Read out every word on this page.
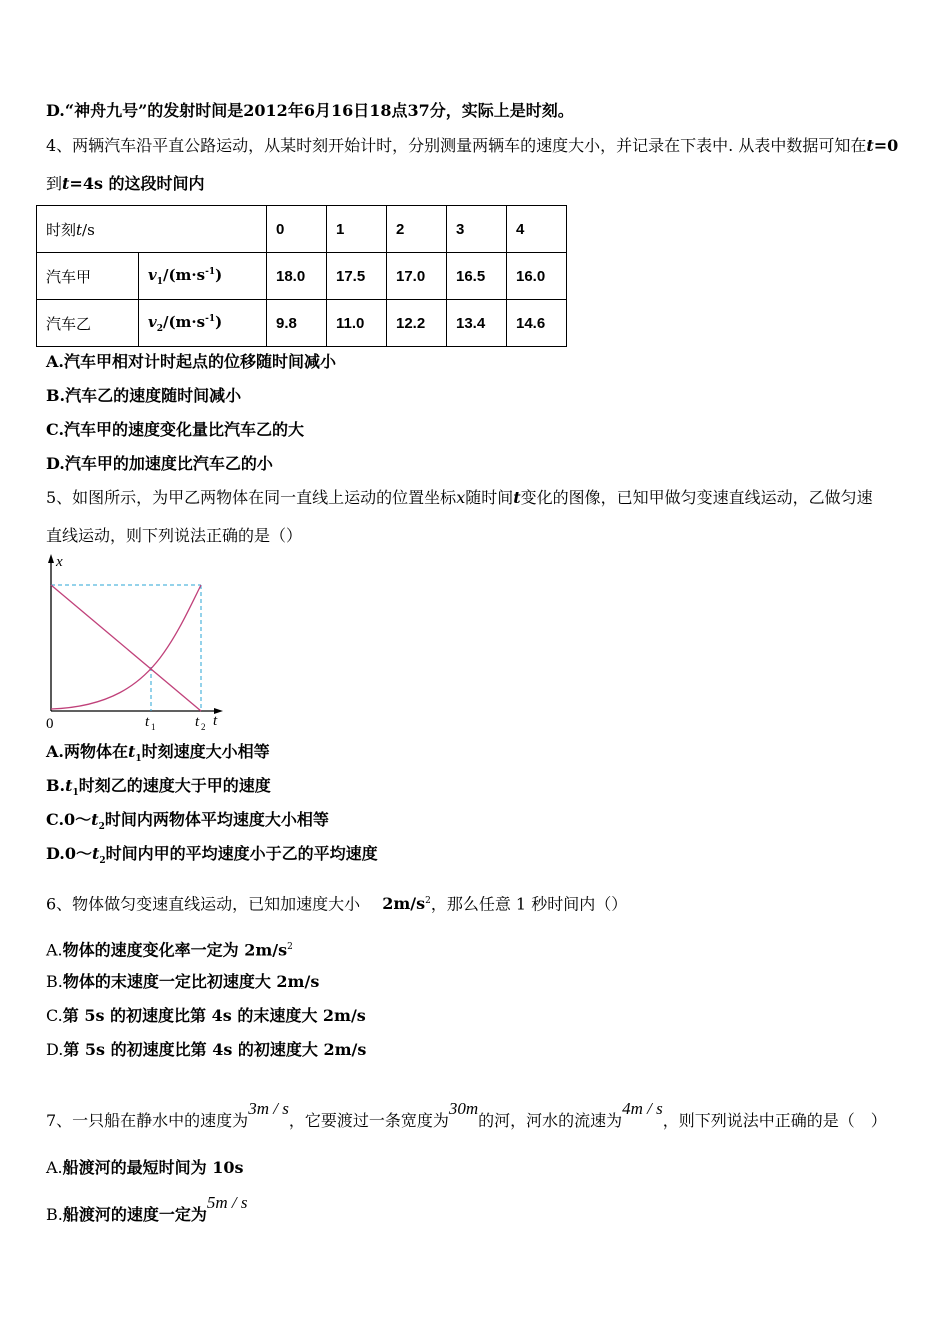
D.“神舟九号”的发射时间是2012年6月16日18点37分，实际上是时刻。
4、两辆汽车沿平直公路运动，从某时刻开始计时，分别测量两辆车的速度大小，并记录在下表中. 从表中数据可知在t=0
到t=4s 的这段时间内
时刻t/s		0	1	2	3	4
汽车甲	$v_1/(m\cdot s^{-1})$	18.0	17.5	17.0	16.5	16.0
汽车乙	$v_2/(m\cdot s^{-1})$	9.8	11.0	12.2	13.4	14.6
A.汽车甲相对计时起点的位移随时间减小
B.汽车乙的速度随时间减小
C.汽车甲的速度变化量比汽车乙的大
D.汽车甲的加速度比汽车乙的小
5、如图所示，为甲乙两物体在同一直线上运动的位置坐标x随时间t变化的图像，已知甲做匀变速直线运动，乙做匀速
直线运动，则下列说法正确的是（）
x
0	t 1	t 2 t
A.两物体在$t_1$时刻速度大小相等
$B.t_1$时刻乙的速度大于甲的速度
$C.0\sim t_2$时间内两物体平均速度大小相等
$D.0\sim t_2$时间内甲的平均速度小于乙的平均速度
6、物体做匀变速直线运动，已知加速度大小 $2m/s^2$，那么任意 1 秒时间内（）
A.物体的速度变化率一定为 $2m/s^2$
B.物体的末速度一定比初速度大 2m/s
C.第 5s 的初速度比第 4s 的末速度大 2m/s
D.第 5s 的初速度比第 4s 的初速度大 2m/s
7、一只船在静水中的速度为3m / s，它要渡过一条宽度为30m的河，河水的流速为4m / s，则下列说法中正确的是（　）
A.船渡河的最短时间为 10s
B.船渡河的速度一定为5m / s
